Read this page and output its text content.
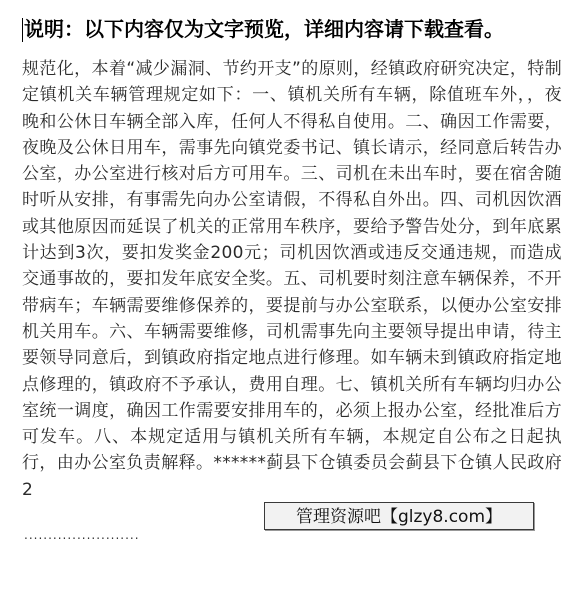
说明：以下内容仅为文字预览，详细内容请下载查看。

规范化，本着“减少漏洞、节约开支”的原则，经镇政府研究决定，特制定镇机关车辆管理规定如下：一、镇机关所有车辆，除值班车外，，夜晚和公休日车辆全部入库，任何人不得私自使用。二、确因工作需要，夜晚及公休日用车，需事先向镇党委书记、镇长请示，经同意后转告办公室，办公室进行核对后方可用车。三、司机在未出车时，要在宿舍随时听从安排，有事需先向办公室请假，不得私自外出。四、司机因饮酒或其他原因而延误了机关的正常用车秩序，要给予警告处分，到年底累计达到3次，要扣发奖金200元；司机因饮酒或违反交通违规，而造成交通事故的，要扣发年底安全奖。五、司机要时刻注意车辆保养，不开带病车；车辆需要维修保养的，要提前与办公室联系，以便办公室安排机关用车。六、车辆需要维修，司机需事先向主要领导提出申请，待主要领导同意后，到镇政府指定地点进行修理。如车辆未到镇政府指定地点修理的，镇政府不予承认，费用自理。七、镇机关所有车辆均归办公室统一调度，确因工作需要安排用车的，必须上报办公室，经批准后方可发车。八、本规定适用与镇机关所有车辆，本规定自公布之日起执行，由办公室负责解释。******蓟县下仓镇委员会蓟县下仓镇人民政府2

........................
管理资源吧【glzy8.com】
